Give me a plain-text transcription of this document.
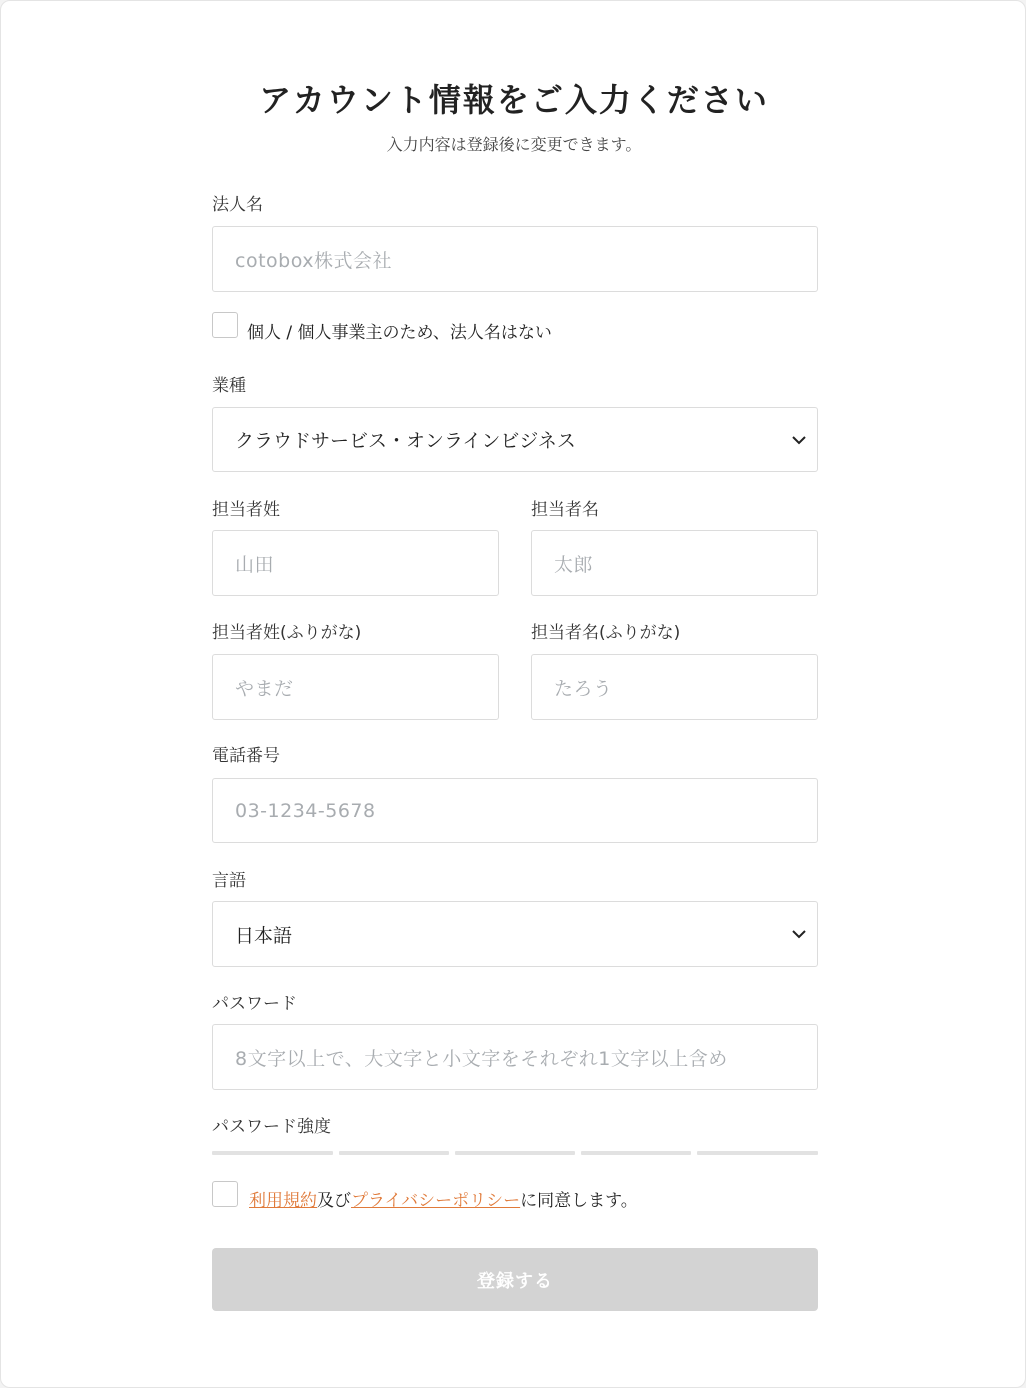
アカウント情報をご入力ください

入力内容は登録後に変更できます。

法人名
cotobox株式会社
個人 / 個人事業主のため、法人名はない
業種
クラウドサービス・オンラインビジネス
担当者姓	担当者名
山田	太郎
担当者姓(ふりがな)	担当者名(ふりがな)
やまだ	たろう
電話番号
03-1234-5678
言語
日本語
パスワード
8文字以上で、大文字と小文字をそれぞれ1文字以上含め
パスワード強度
利用規約及びプライバシーポリシーに同意します。
登録する
